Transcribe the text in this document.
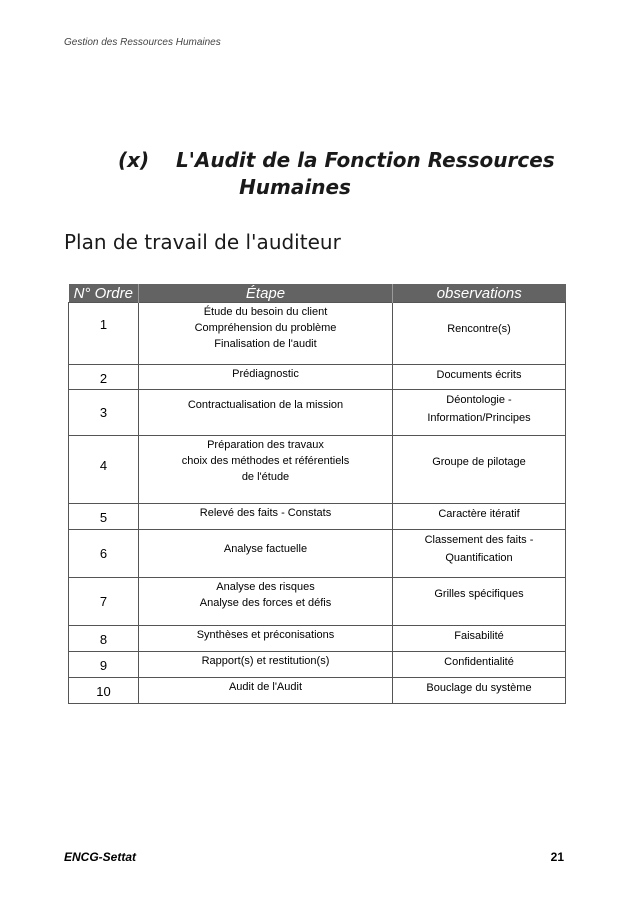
Gestion des Ressources Humaines
(x) L'Audit de la Fonction Ressources
Humaines
Plan de travail de l'auditeur
N° Ordre	Étape	observations

1	Étude du besoin du client
Compréhension du problème
Finalisation de l'audit	Rencontre(s)

2	Prédiagnostic	Documents écrits

3	Contractualisation de la mission	Déontologie -
Information/Principes

4	Préparation des travaux
choix des méthodes et référentiels
de l'étude	Groupe de pilotage

5	Relevé des faits - Constats	Caractère itératif

6	Analyse factuelle	Classement des faits -
Quantification

7	Analyse des risques
Analyse des forces et défis	Grilles spécifiques

8	Synthèses et préconisations	Faisabilité

9	Rapport(s) et restitution(s)	Confidentialité

10	Audit de l'Audit	Bouclage du système
ENCG-Settat	21
